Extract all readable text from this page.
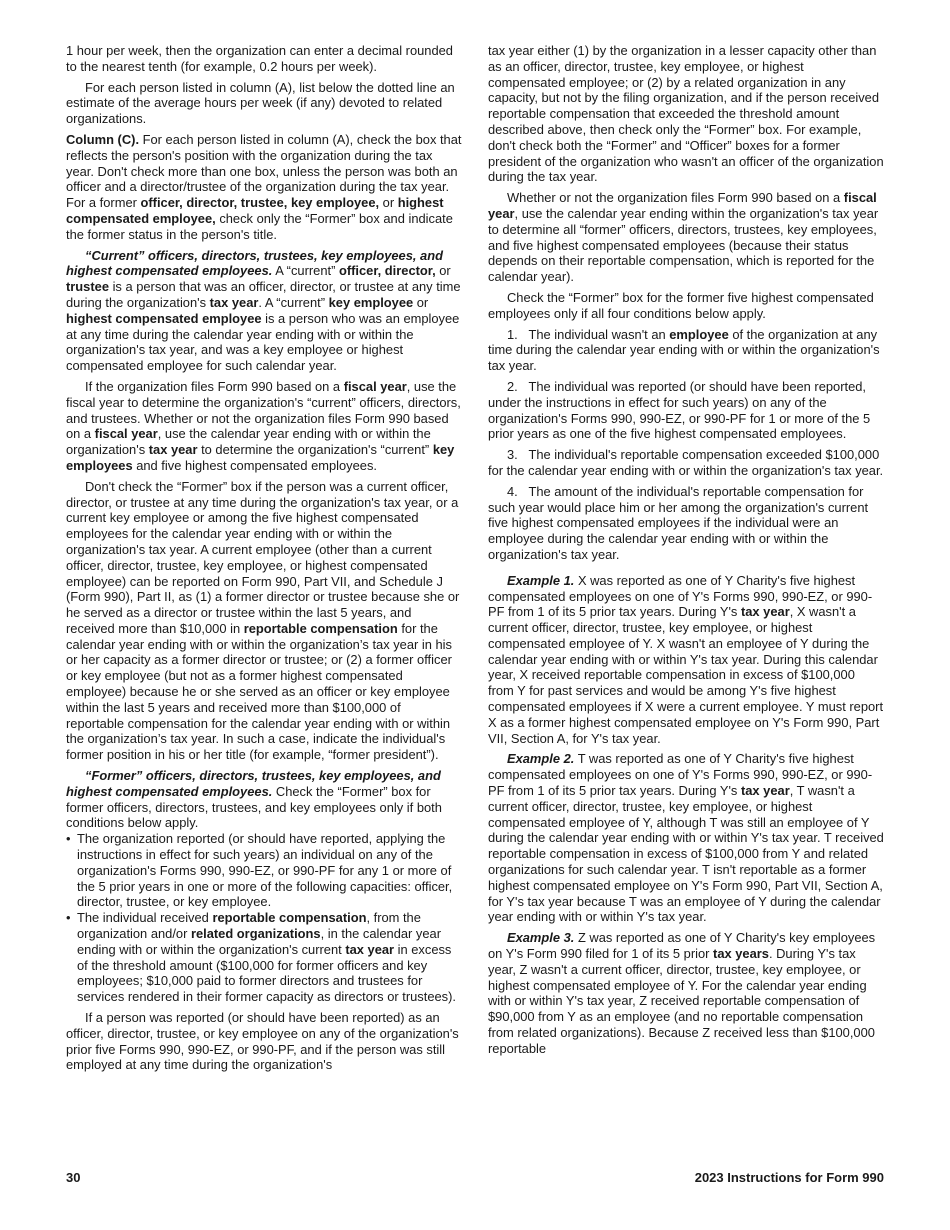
1 hour per week, then the organization can enter a decimal rounded to the nearest tenth (for example, 0.2 hours per week).

For each person listed in column (A), list below the dotted line an estimate of the average hours per week (if any) devoted to related organizations.

Column (C). For each person listed in column (A), check the box that reflects the person's position with the organization during the tax year. Don't check more than one box, unless the person was both an officer and a director/trustee of the organization during the tax year. For a former officer, director, trustee, key employee, or highest compensated employee, check only the “Former” box and indicate the former status in the person's title.

“Current” officers, directors, trustees, key employees, and highest compensated employees. A “current” officer, director, or trustee is a person that was an officer, director, or trustee at any time during the organization's tax year. A “current” key employee or highest compensated employee is a person who was an employee at any time during the calendar year ending with or within the organization's tax year, and was a key employee or highest compensated employee for such calendar year.

If the organization files Form 990 based on a fiscal year, use the fiscal year to determine the organization's “current” officers, directors, and trustees. Whether or not the organization files Form 990 based on a fiscal year, use the calendar year ending with or within the organization's tax year to determine the organization's “current” key employees and five highest compensated employees.

Don't check the “Former” box if the person was a current officer, director, or trustee at any time during the organization's tax year, or a current key employee or among the five highest compensated employees for the calendar year ending with or within the organization's tax year. A current employee (other than a current officer, director, trustee, key employee, or highest compensated employee) can be reported on Form 990, Part VII, and Schedule J (Form 990), Part II, as (1) a former director or trustee because she or he served as a director or trustee within the last 5 years, and received more than $10,000 in reportable compensation for the calendar year ending with or within the organization’s tax year in his or her capacity as a former director or trustee; or (2) a former officer or key employee (but not as a former highest compensated employee) because he or she served as an officer or key employee within the last 5 years and received more than $100,000 of reportable compensation for the calendar year ending with or within the organization’s tax year. In such a case, indicate the individual's former position in his or her title (for example, “former president”).

“Former” officers, directors, trustees, key employees, and highest compensated employees. Check the “Former” box for former officers, directors, trustees, and key employees only if both conditions below apply.

• The organization reported (or should have reported, applying the instructions in effect for such years) an individual on any of the organization's Forms 990, 990-EZ, or 990-PF for any 1 or more of the 5 prior years in one or more of the following capacities: officer, director, trustee, or key employee.
• The individual received reportable compensation, from the organization and/or related organizations, in the calendar year ending with or within the organization's current tax year in excess of the threshold amount ($100,000 for former officers and key employees; $10,000 paid to former directors and trustees for services rendered in their former capacity as directors or trustees).

If a person was reported (or should have been reported) as an officer, director, trustee, or key employee on any of the organization's prior five Forms 990, 990-EZ, or 990-PF, and if the person was still employed at any time during the organization's

tax year either (1) by the organization in a lesser capacity other than as an officer, director, trustee, key employee, or highest compensated employee; or (2) by a related organization in any capacity, but not by the filing organization, and if the person received reportable compensation that exceeded the threshold amount described above, then check only the “Former” box. For example, don't check both the “Former” and “Officer” boxes for a former president of the organization who wasn't an officer of the organization during the tax year.

Whether or not the organization files Form 990 based on a fiscal year, use the calendar year ending within the organization's tax year to determine all “former” officers, directors, trustees, key employees, and five highest compensated employees (because their status depends on their reportable compensation, which is reported for the calendar year).

Check the “Former” box for the former five highest compensated employees only if all four conditions below apply.

1.   The individual wasn't an employee of the organization at any time during the calendar year ending with or within the organization's tax year.

2.   The individual was reported (or should have been reported, under the instructions in effect for such years) on any of the organization's Forms 990, 990-EZ, or 990-PF for 1 or more of the 5 prior years as one of the five highest compensated employees.

3.   The individual's reportable compensation exceeded $100,000 for the calendar year ending with or within the organization's tax year.

4.   The amount of the individual's reportable compensation for such year would place him or her among the organization's current five highest compensated employees if the individual were an employee during the calendar year ending with or within the organization's tax year.

Example 1. X was reported as one of Y Charity's five highest compensated employees on one of Y's Forms 990, 990-EZ, or 990-PF from 1 of its 5 prior tax years. During Y's tax year, X wasn't a current officer, director, trustee, key employee, or highest compensated employee of Y. X wasn't an employee of Y during the calendar year ending with or within Y's tax year. During this calendar year, X received reportable compensation in excess of $100,000 from Y for past services and would be among Y's five highest compensated employees if X were a current employee. Y must report X as a former highest compensated employee on Y's Form 990, Part VII, Section A, for Y's tax year.

Example 2. T was reported as one of Y Charity's five highest compensated employees on one of Y's Forms 990, 990-EZ, or 990-PF from 1 of its 5 prior tax years. During Y's tax year, T wasn't a current officer, director, trustee, key employee, or highest compensated employee of Y, although T was still an employee of Y during the calendar year ending with or within Y's tax year. T received reportable compensation in excess of $100,000 from Y and related organizations for such calendar year. T isn't reportable as a former highest compensated employee on Y's Form 990, Part VII, Section A, for Y's tax year because T was an employee of Y during the calendar year ending with or within Y's tax year.

Example 3. Z was reported as one of Y Charity's key employees on Y's Form 990 filed for 1 of its 5 prior tax years. During Y's tax year, Z wasn't a current officer, director, trustee, key employee, or highest compensated employee of Y. For the calendar year ending with or within Y's tax year, Z received reportable compensation of $90,000 from Y as an employee (and no reportable compensation from related organizations). Because Z received less than $100,000 reportable

30	2023 Instructions for Form 990
